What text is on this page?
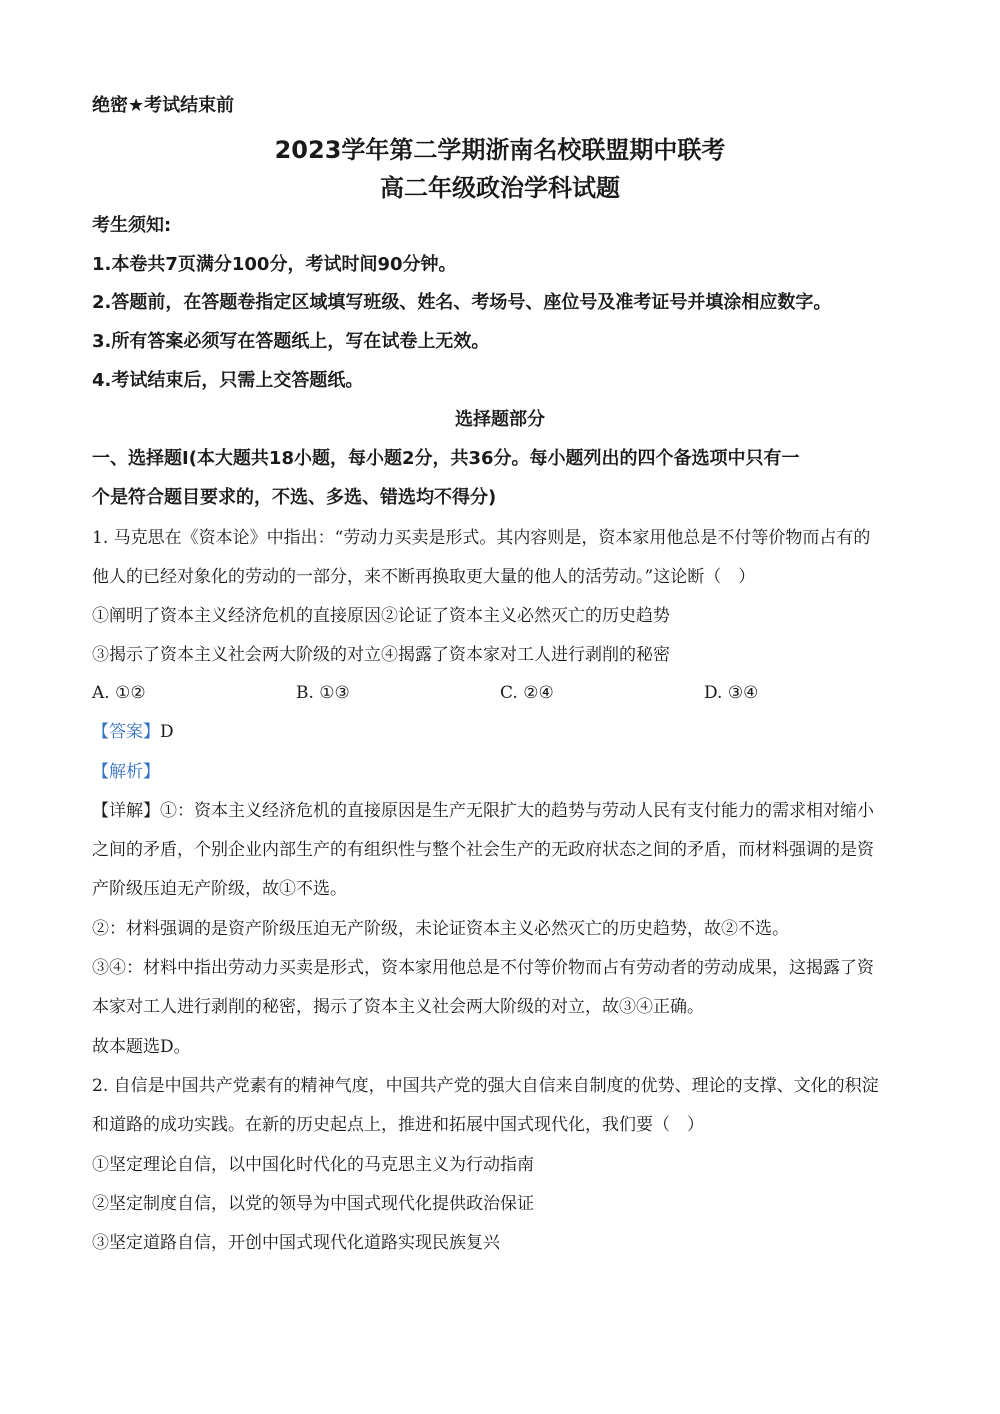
绝密★考试结束前
2023学年第二学期浙南名校联盟期中联考
高二年级政治学科试题
考生须知:
1.本卷共7页满分100分，考试时间90分钟。
2.答题前，在答题卷指定区域填写班级、姓名、考场号、座位号及准考证号并填涂相应数字。
3.所有答案必须写在答题纸上，写在试卷上无效。
4.考试结束后，只需上交答题纸。
选择题部分
一、选择题I(本大题共18小题，每小题2分，共36分。每小题列出的四个备选项中只有一
个是符合题目要求的，不选、多选、错选均不得分)
1. 马克思在《资本论》中指出：“劳动力买卖是形式。其内容则是，资本家用他总是不付等价物而占有的
他人的已经对象化的劳动的一部分，来不断再换取更大量的他人的活劳动。”这论断（　）
①阐明了资本主义经济危机的直接原因②论证了资本主义必然灭亡的历史趋势
③揭示了资本主义社会两大阶级的对立④揭露了资本家对工人进行剥削的秘密
A. ①②	B. ①③	C. ②④	D. ③④
【答案】D
【解析】
【详解】①：资本主义经济危机的直接原因是生产无限扩大的趋势与劳动人民有支付能力的需求相对缩小
之间的矛盾，个别企业内部生产的有组织性与整个社会生产的无政府状态之间的矛盾，而材料强调的是资
产阶级压迫无产阶级，故①不选。
②：材料强调的是资产阶级压迫无产阶级，未论证资本主义必然灭亡的历史趋势，故②不选。
③④：材料中指出劳动力买卖是形式，资本家用他总是不付等价物而占有劳动者的劳动成果，这揭露了资
本家对工人进行剥削的秘密，揭示了资本主义社会两大阶级的对立，故③④正确。
故本题选D。
2. 自信是中国共产党素有的精神气度，中国共产党的强大自信来自制度的优势、理论的支撑、文化的积淀
和道路的成功实践。在新的历史起点上，推进和拓展中国式现代化，我们要（　）
①坚定理论自信，以中国化时代化的马克思主义为行动指南
②坚定制度自信，以党的领导为中国式现代化提供政治保证
③坚定道路自信，开创中国式现代化道路实现民族复兴
